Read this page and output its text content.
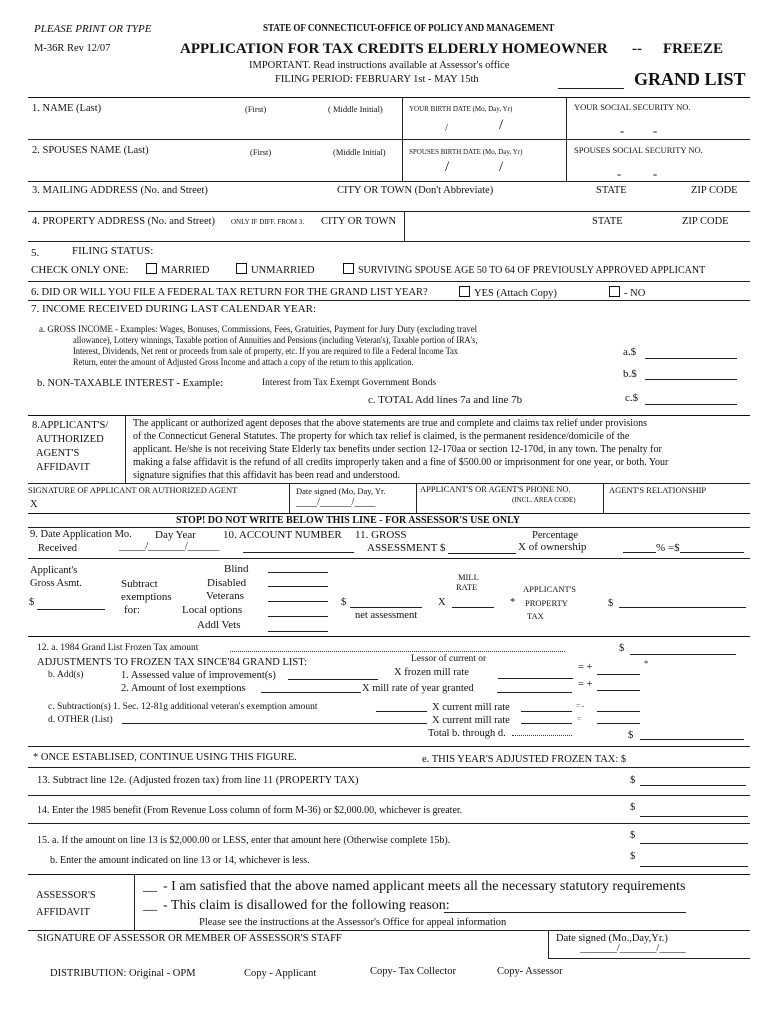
PLEASE PRINT OR TYPE	STATE OF CONNECTICUT-OFFICE OF POLICY AND MANAGEMENT
M-36R Rev 12/07	APPLICATION FOR TAX CREDITS ELDERLY HOMEOWNER -- FREEZE
IMPORTANT. Read instructions available at Assessor's office
FILING PERIOD: FEBRUARY 1st - MAY 15th	GRAND LIST
1. NAME (Last)	(First)	( Middle Initial)	YOUR BIRTH DATE (Mo, Day, Yr)	YOUR SOCIAL SECURITY NO.
/	/	- -
2. SPOUSES NAME (Last)	(First)	(Middle Initial)	SPOUSES BIRTH DATE (Mo, Day, Yr)	SPOUSES SOCIAL SECURITY NO.
/	/	-	-
3. MAILING ADDRESS (No. and Street)	CITY OR TOWN (Don't Abbreviate)	STATE	ZIP CODE
4. PROPERTY ADDRESS (No. and Street) ONLY IF DIFF. FROM 3. CITY OR TOWN	STATE	ZIP CODE
5.	FILING STATUS:
CHECK ONLY ONE:	MARRIED	UNMARRIED	SURVIVING SPOUSE AGE 50 TO 64 OF PREVIOUSLY APPROVED APPLICANT
6. DID OR WILL YOU FILE A FEDERAL TAX RETURN FOR THE GRAND LIST YEAR?	YES (Attach Copy)	- NO
7. INCOME RECEIVED DURING LAST CALENDAR YEAR:
a. GROSS INCOME - Examples: Wages, Bonuses, Commissions, Fees, Gratuities, Payment for Jury Duty (excluding travel
allowance), Lottery winnings, Taxable portion of Annuities and Pensions (including Veteran's), Taxable portion of IRA's,
Interest, Dividends, Net rent or proceeds from sale of property, etc. If you are required to file a Federal Income Tax
Return, enter the amount of Adjusted Gross Income and attach a copy of the return to this application.
a.$
b. NON-TAXABLE INTEREST - Example:	Interest from Tax Exempt Government Bonds
b.$
c. TOTAL Add lines 7a and line 7b	c.$
8.APPLICANT'S/
AUTHORIZED
AGENT'S
AFFIDAVIT
The applicant or authorized agent deposes that the above statements are true and complete and claims tax relief under provisions
of the Connecticut General Statutes. The property for which tax relief is claimed, is the permanent residence/domicile of the
applicant. He/she is not receiving State Elderly tax benefits under section 12-170aa or section 12-170d, in any town. The penalty for
making a false affidavit is the refund of all credits improperly taken and a fine of $500.00 or imprisonment for one year, or both. Your
signature signifies that this affidavit has been read and understood.
SIGNATURE OF APPLICANT OR AUTHORIZED AGENT
X
Date signed (Mo, Day, Yr.
____/______/____
APPLICANT'S OR AGENT'S PHONE NO.
(INCL. AREA CODE)
AGENT'S RELATIONSHIP
STOP! DO NOT WRITE BELOW THIS LINE - FOR ASSESSOR'S USE ONLY
9. Date Application Mo. Day Year
Received	_____/_______/______
10. ACCOUNT NUMBER 11. GROSS
ASSESSMENT $
Percentage
X of ownership	% =$
Applicant's
Gross Asmt.
$
Subtract
exemptions
for:
Blind
Disabled
Veterans
Local options
Addl Vets
$
net assessment
X
MILL
RATE
*
APPLICANT'S
PROPERTY
TAX
$
12. a. 1984 Grand List Frozen Tax amount	$
ADJUSTMENTS TO FROZEN TAX SINCE'84 GRAND LIST:
b. Add(s)	1. Assessed value of improvement(s)
Lessor of current or
X frozen mill rate	= +	*
2. Amount of lost exemptions	X mill rate of year granted	= +
c. Subtraction(s) 1. Sec. 12-81g additional veteran's exemption amount	X current mill rate	= -
d. OTHER (List)	X current mill rate	=
Total b. through d.	$
* ONCE ESTABLISED, CONTINUE USING THIS FIGURE.	e. THIS YEAR'S ADJUSTED FROZEN TAX: $
13. Subtract line 12e. (Adjusted frozen tax) from line 11 (PROPERTY TAX)	$
14. Enter the 1985 benefit (From Revenue Loss column of form M-36) or $2,000.00, whichever is greater.	$
15. a. If the amount on line 13 is $2,000.00 or LESS, enter that amount here (Otherwise complete 15b).	$
b. Enter the amount indicated on line 13 or 14, whichever is less.	$
ASSESSOR'S
AFFIDAVIT
__ - I am satisfied that the above named applicant meets all the necessary statutory requirements
__ - This claim is disallowed for the following reason:
Please see the instructions at the Assessor's Office for appeal information
SIGNATURE OF ASSESSOR OR MEMBER OF ASSESSOR'S STAFF	Date signed (Mo.,Day,Yr.)
_______/_______/_____
DISTRIBUTION: Original - OPM	Copy - Applicant	Copy- Tax Collector	Copy- Assessor
